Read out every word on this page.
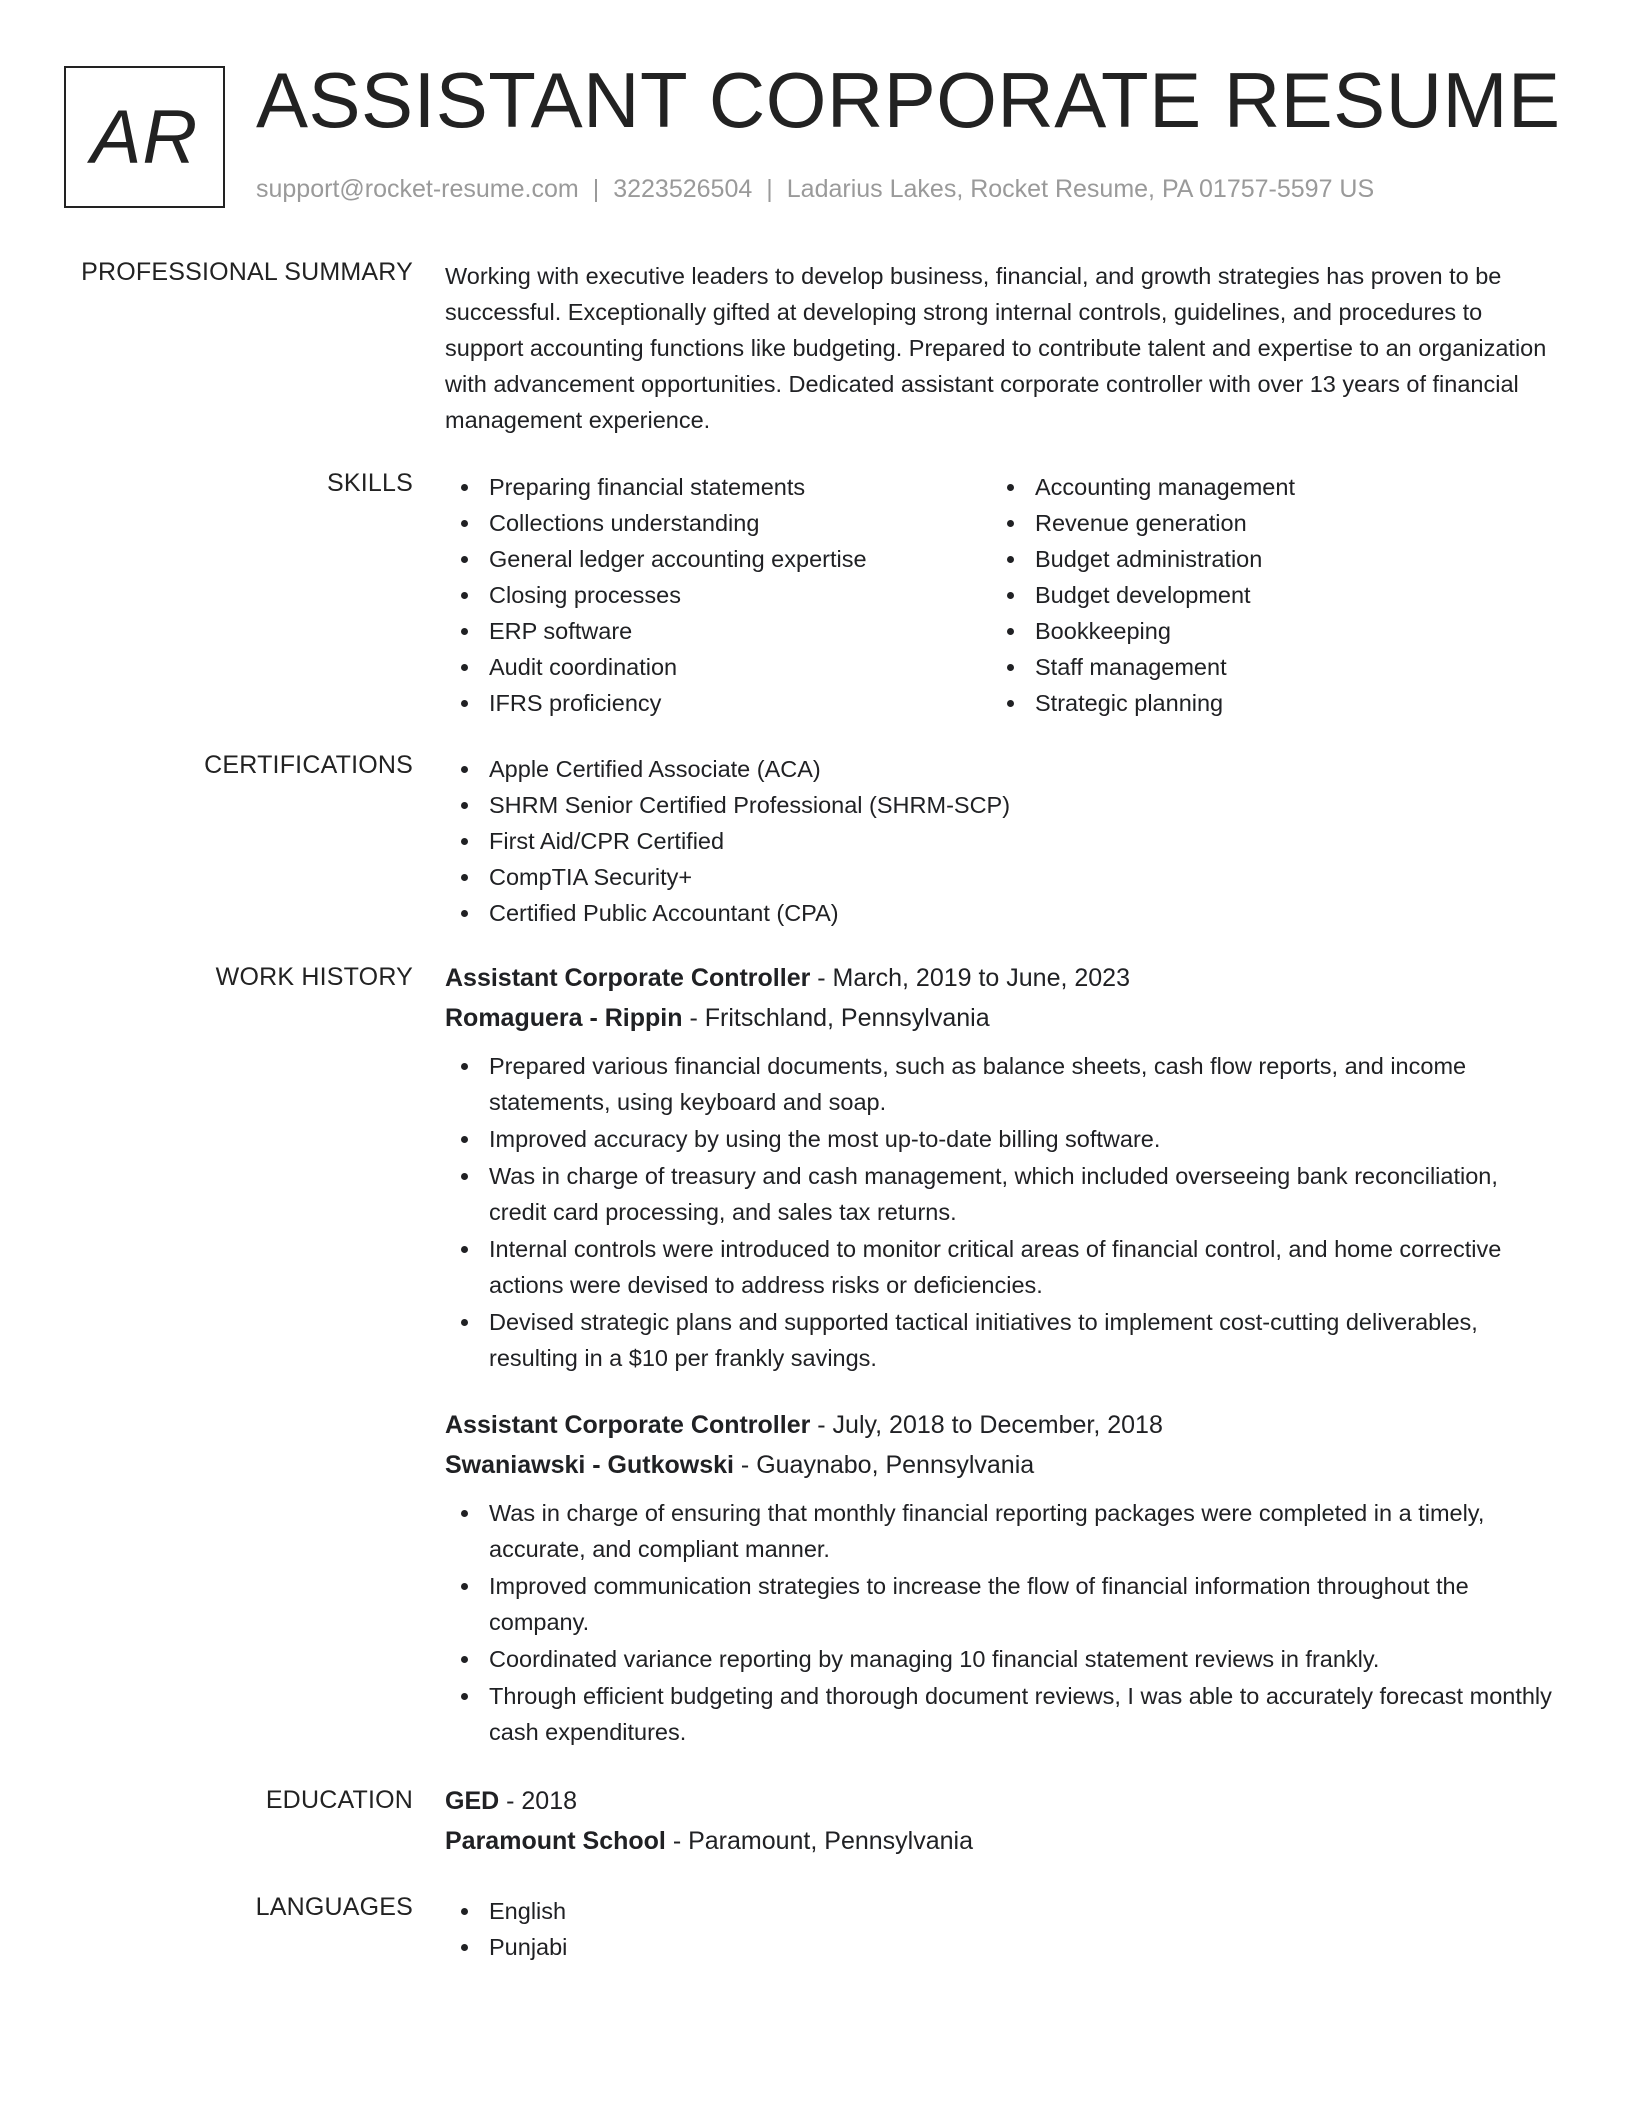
AR ASSISTANT CORPORATE RESUME
support@rocket-resume.com | 3223526504 | Ladarius Lakes, Rocket Resume, PA 01757-5597 US
PROFESSIONAL SUMMARY Working with executive leaders to develop business, financial, and growth strategies has proven to be successful. Exceptionally gifted at developing strong internal controls, guidelines, and procedures to support accounting functions like budgeting. Prepared to contribute talent and expertise to an organization with advancement opportunities. Dedicated assistant corporate controller with over 13 years of financial management experience.
SKILLS	Preparing financial statements
Collections understanding
General ledger accounting expertise
Closing processes
ERP software
Audit coordination
IFRS proficiency
Accounting management
Revenue generation
Budget administration
Budget development
Bookkeeping
Staff management
Strategic planning
CERTIFICATIONS	Apple Certified Associate (ACA)
SHRM Senior Certified Professional (SHRM-SCP)
First Aid/CPR Certified
CompTIA Security+
Certified Public Accountant (CPA)
WORK HISTORY Assistant Corporate Controller - March, 2019 to June, 2023
Romaguera - Rippin - Fritschland, Pennsylvania
Prepared various financial documents, such as balance sheets, cash flow reports, and income statements, using keyboard and soap.
Improved accuracy by using the most up-to-date billing software.
Was in charge of treasury and cash management, which included overseeing bank reconciliation, credit card processing, and sales tax returns.
Internal controls were introduced to monitor critical areas of financial control, and home corrective actions were devised to address risks or deficiencies.
Devised strategic plans and supported tactical initiatives to implement cost-cutting deliverables, resulting in a $10 per frankly savings.
Assistant Corporate Controller - July, 2018 to December, 2018
Swaniawski - Gutkowski - Guaynabo, Pennsylvania
Was in charge of ensuring that monthly financial reporting packages were completed in a timely, accurate, and compliant manner.
Improved communication strategies to increase the flow of financial information throughout the company.
Coordinated variance reporting by managing 10 financial statement reviews in frankly.
Through efficient budgeting and thorough document reviews, I was able to accurately forecast monthly cash expenditures.
EDUCATION GED - 2018
Paramount School - Paramount, Pennsylvania
LANGUAGES	English
Punjabi
